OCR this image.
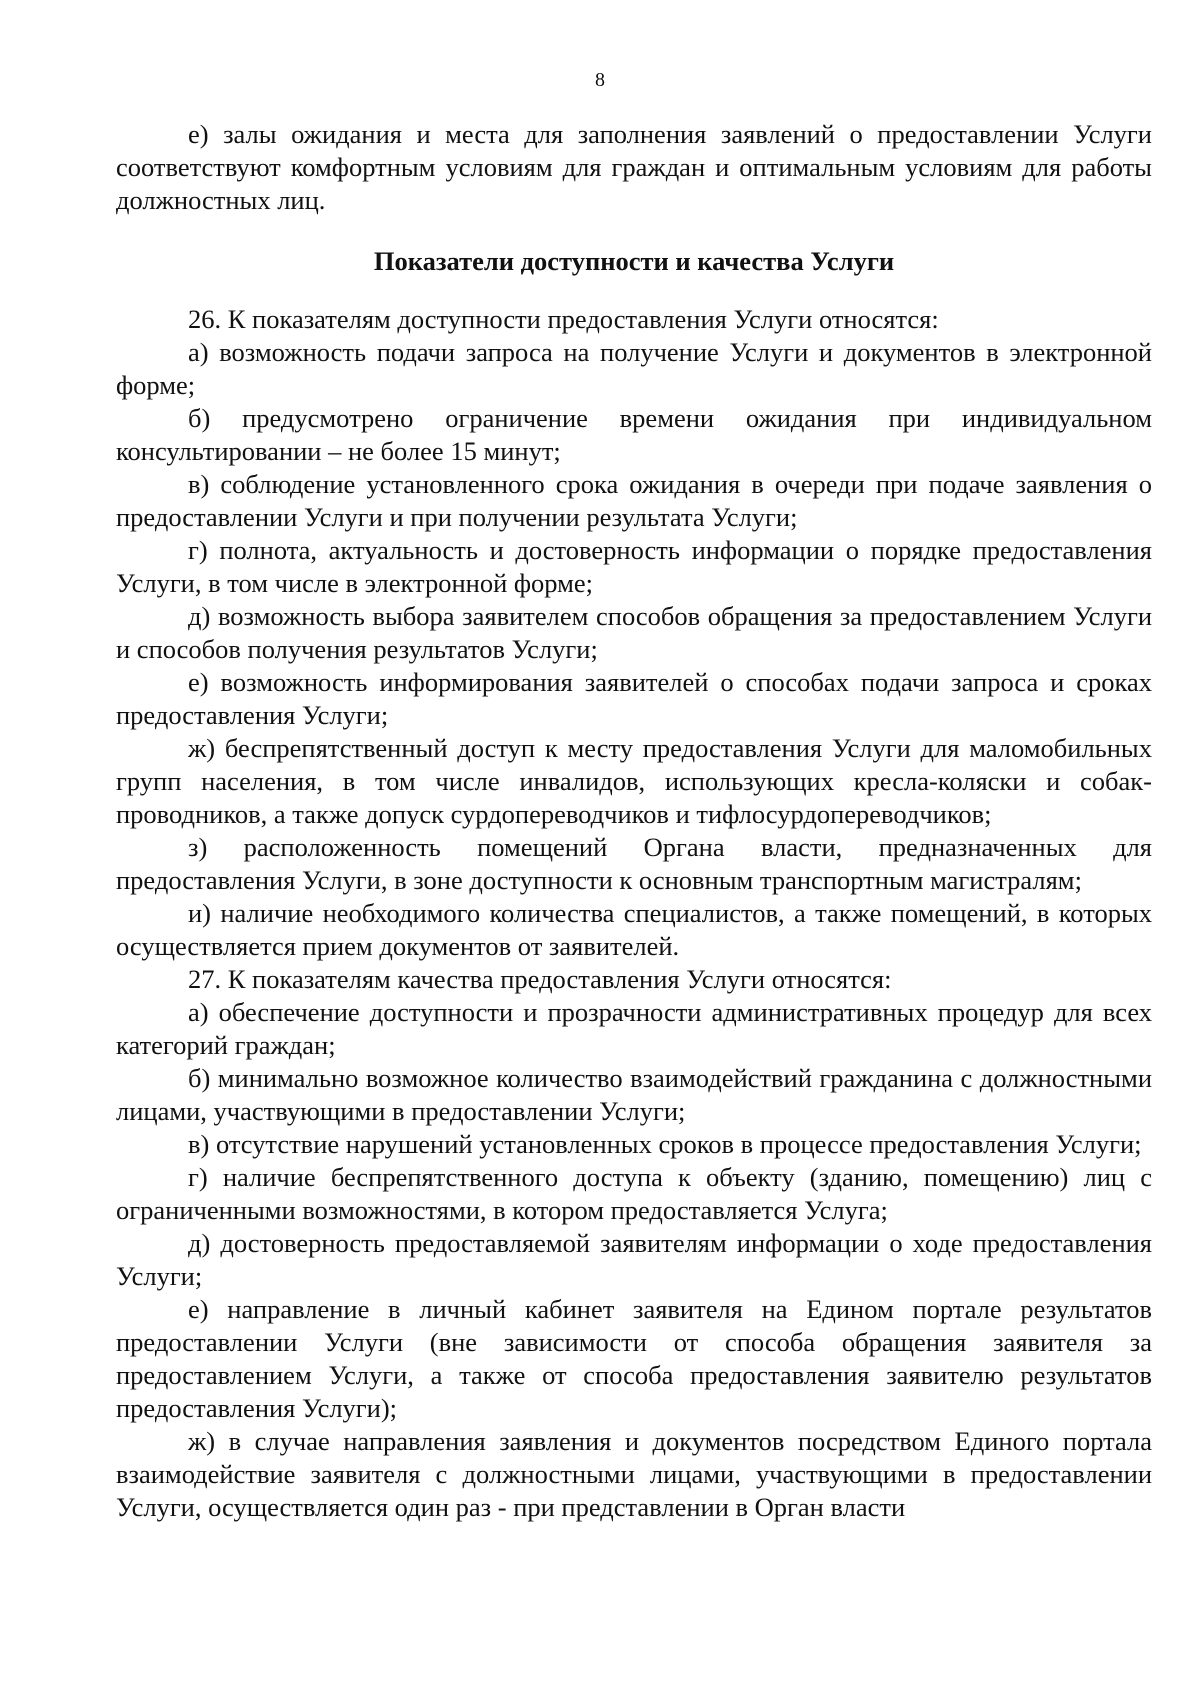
8

е) залы ожидания и места для заполнения заявлений о предоставлении Услуги соответствуют комфортным условиям для граждан и оптимальным условиям для работы должностных лиц.

Показатели доступности и качества Услуги

26. К показателям доступности предоставления Услуги относятся:

а) возможность подачи запроса на получение Услуги и документов в электронной форме;

б) предусмотрено ограничение времени ожидания при индивидуальном консультировании – не более 15 минут;

в) соблюдение установленного срока ожидания в очереди при подаче заявления о предоставлении Услуги и при получении результата Услуги;

г) полнота, актуальность и достоверность информации о порядке предоставления Услуги, в том числе в электронной форме;

д) возможность выбора заявителем способов обращения за предоставлением Услуги и способов получения результатов Услуги;

е) возможность информирования заявителей о способах подачи запроса и сроках предоставления Услуги;

ж) беспрепятственный доступ к месту предоставления Услуги для маломобильных групп населения, в том числе инвалидов, использующих кресла-коляски и собак-проводников, а также допуск сурдопереводчиков и тифлосурдопереводчиков;

з) расположенность помещений Органа власти, предназначенных для предоставления Услуги, в зоне доступности к основным транспортным магистралям;

и) наличие необходимого количества специалистов, а также помещений, в которых осуществляется прием документов от заявителей.

27. К показателям качества предоставления Услуги относятся:

а) обеспечение доступности и прозрачности административных процедур для всех категорий граждан;

б) минимально возможное количество взаимодействий гражданина с должностными лицами, участвующими в предоставлении Услуги;

в) отсутствие нарушений установленных сроков в процессе предоставления Услуги;

г) наличие беспрепятственного доступа к объекту (зданию, помещению) лиц с ограниченными возможностями, в котором предоставляется Услуга;

д) достоверность предоставляемой заявителям информации о ходе предоставления Услуги;

е) направление в личный кабинет заявителя на Едином портале результатов предоставлении Услуги (вне зависимости от способа обращения заявителя за предоставлением Услуги, а также от способа предоставления заявителю результатов предоставления Услуги);

ж) в случае направления заявления и документов посредством Единого портала взаимодействие заявителя с должностными лицами, участвующими в предоставлении Услуги, осуществляется один раз - при представлении в Орган власти
